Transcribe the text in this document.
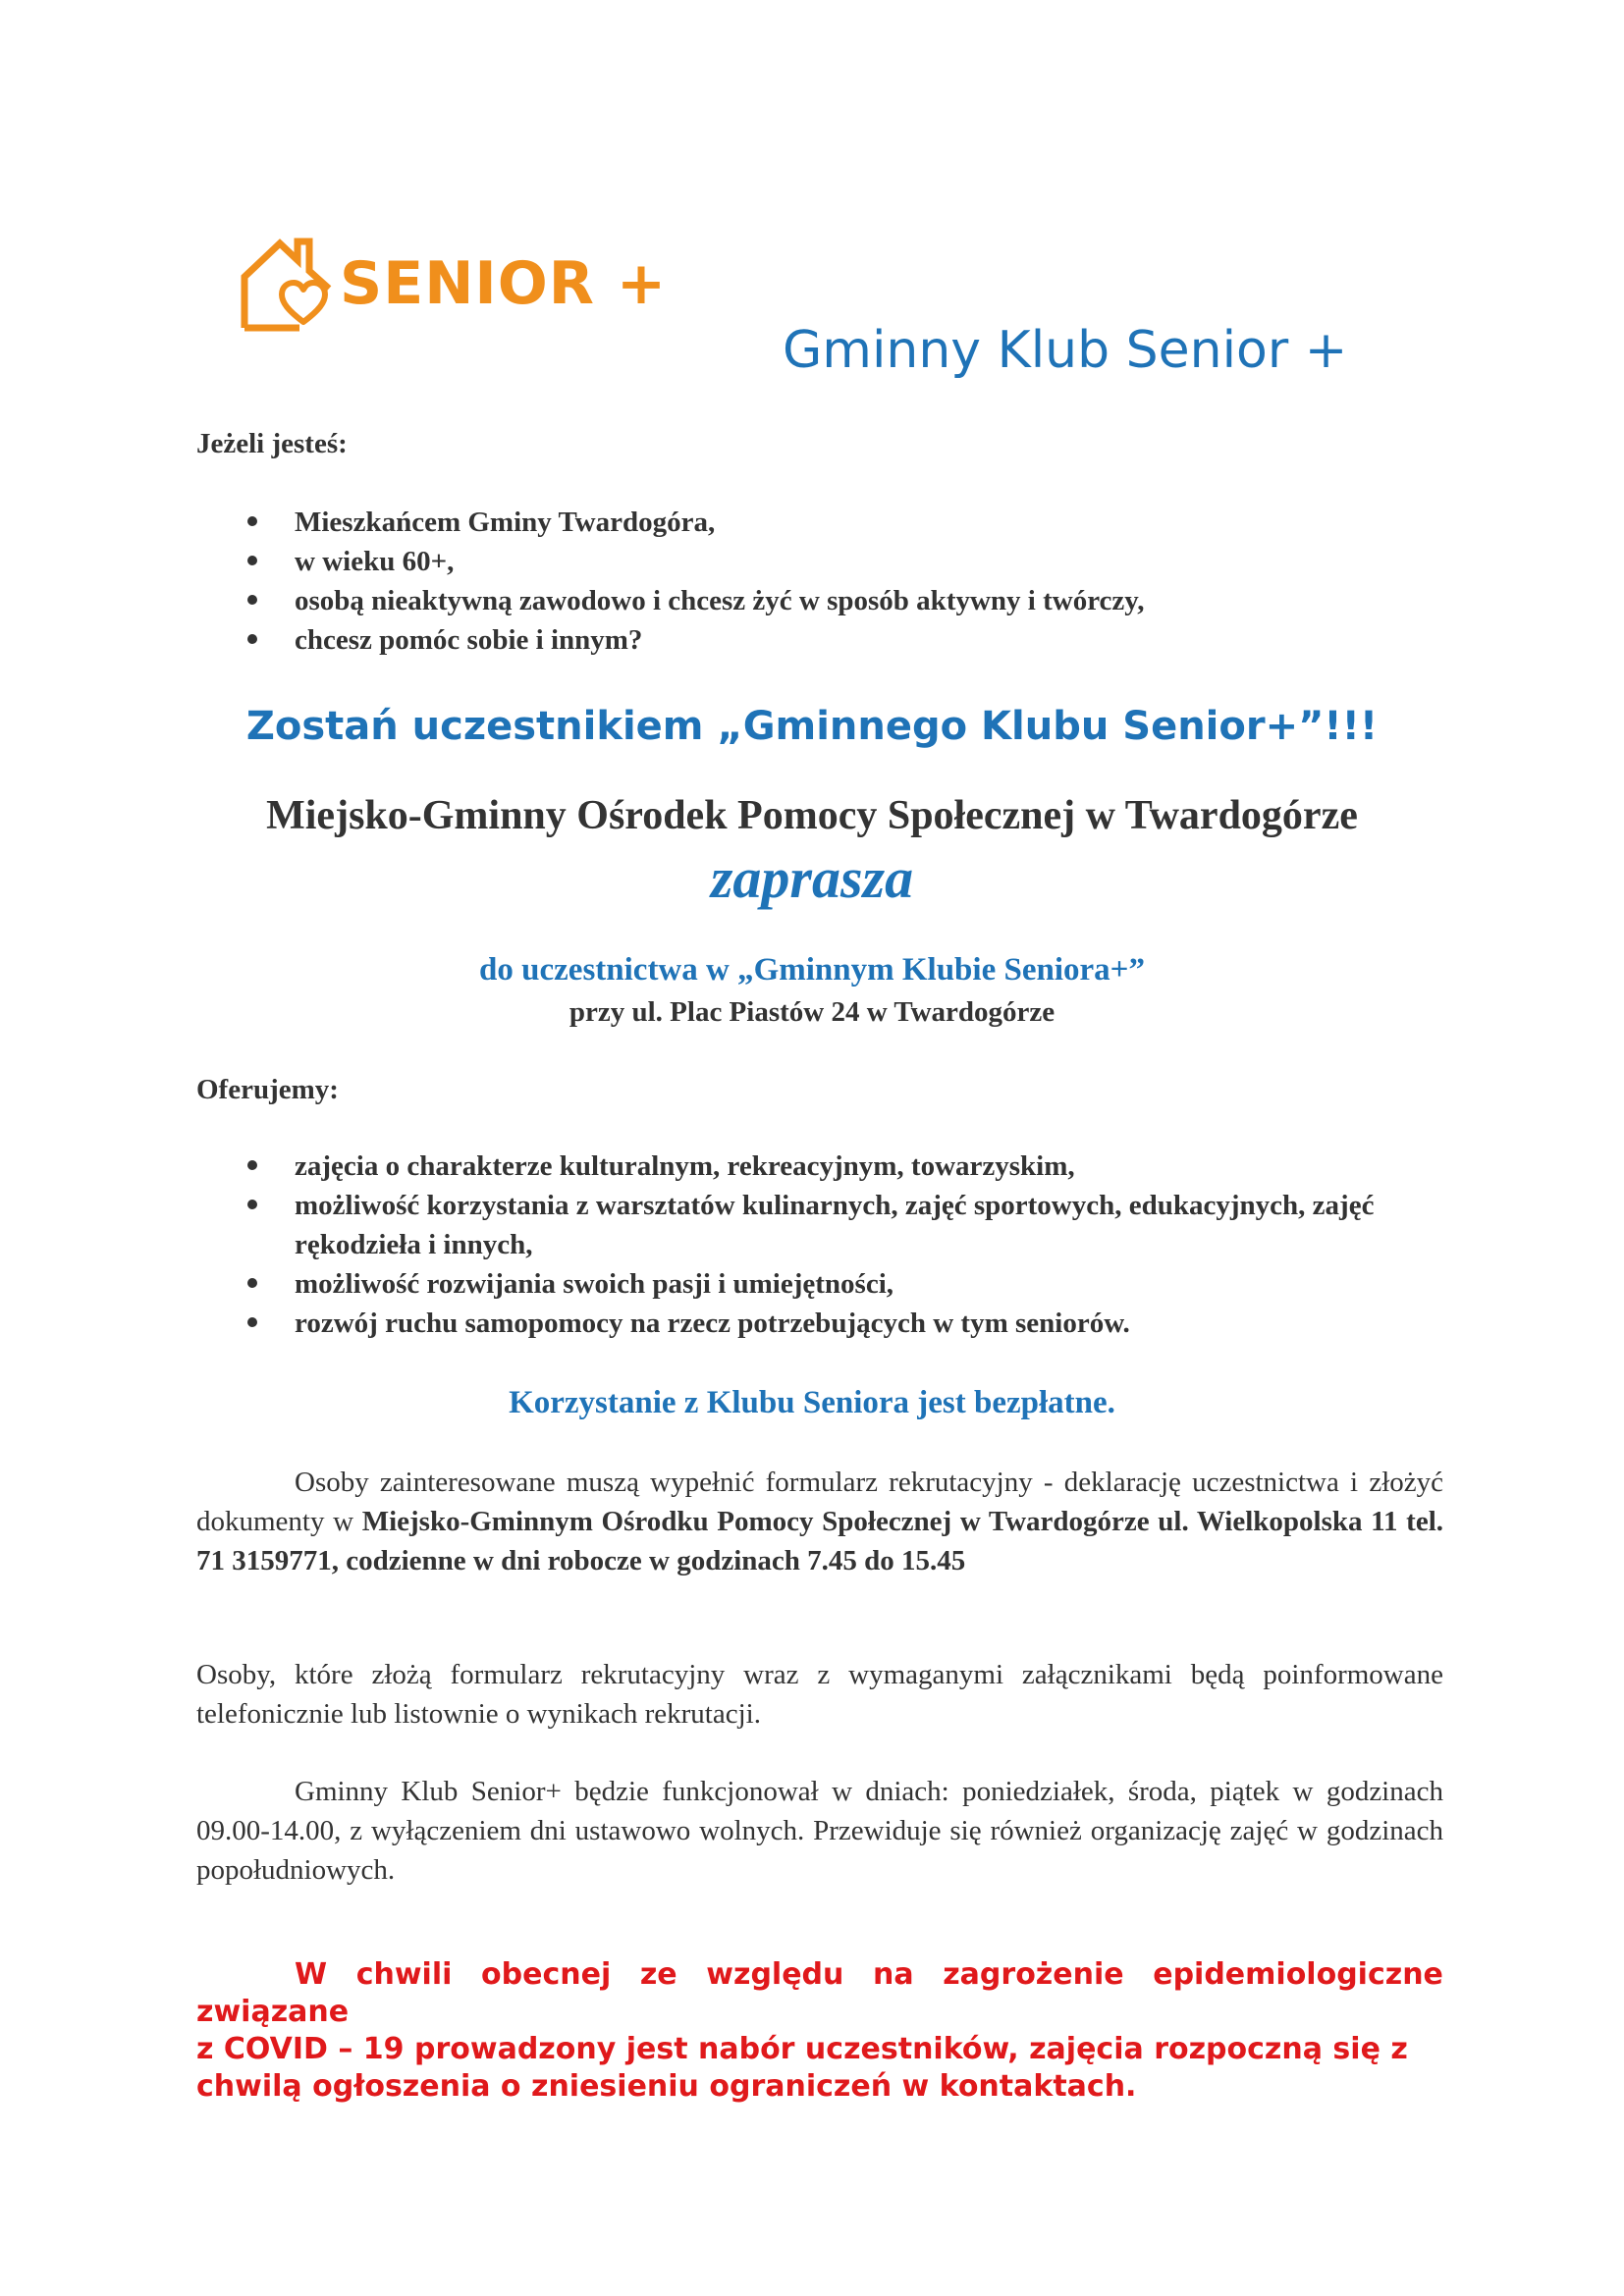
SENIOR +
Gminny Klub Senior +
Jeżeli jesteś:
Mieszkańcem Gminy Twardogóra,
w wieku 60+,
osobą nieaktywną zawodowo i chcesz żyć w sposób aktywny i twórczy,
chcesz pomóc sobie i innym?
Zostań uczestnikiem „Gminnego Klubu Senior+”!!!
Miejsko-Gminny Ośrodek Pomocy Społecznej w Twardogórze
zaprasza
do uczestnictwa w „Gminnym Klubie Seniora+”
przy ul. Plac Piastów 24 w Twardogórze
Oferujemy:
zajęcia o charakterze kulturalnym, rekreacyjnym, towarzyskim,
możliwość korzystania z warsztatów kulinarnych, zajęć sportowych, edukacyjnych, zajęć rękodzieła i innych,
możliwość rozwijania swoich pasji i umiejętności,
rozwój ruchu samopomocy na rzecz potrzebujących w tym seniorów.
Korzystanie z Klubu Seniora jest bezpłatne.
Osoby zainteresowane muszą wypełnić formularz rekrutacyjny - deklarację uczestnictwa i złożyć dokumenty w Miejsko-Gminnym Ośrodku Pomocy Społecznej w Twardogórze ul. Wielkopolska 11 tel. 71 3159771, codzienne w dni robocze w godzinach 7.45 do 15.45
Osoby, które złożą formularz rekrutacyjny wraz z wymaganymi załącznikami będą poinformowane telefonicznie lub listownie o wynikach rekrutacji.
Gminny Klub Senior+ będzie funkcjonował w dniach: poniedziałek, środa, piątek w godzinach 09.00-14.00, z wyłączeniem dni ustawowo wolnych. Przewiduje się również organizację zajęć w godzinach popołudniowych.
W chwili obecnej ze względu na zagrożenie epidemiologiczne
związane
z COVID – 19 prowadzony jest nabór uczestników, zajęcia rozpoczną się z chwilą ogłoszenia o zniesieniu ograniczeń w kontaktach.
